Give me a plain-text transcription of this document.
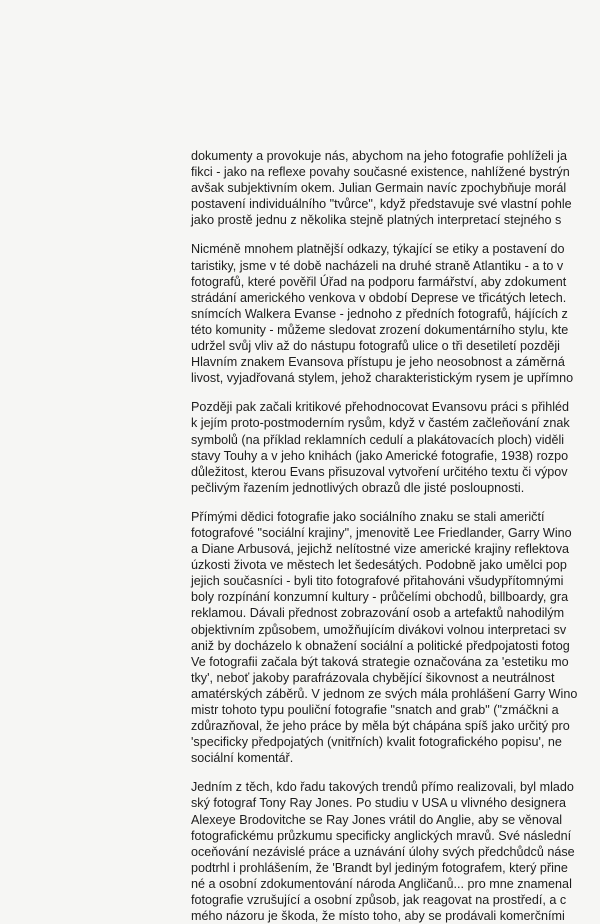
dokumenty a provokuje nás, abychom na jeho fotografie pohlíželi ja
fikci - jako na reflexe povahy současné existence, nahlížené bystrýn
avšak subjektivním okem. Julian Germain navíc zpochybňuje morál
postavení individuálního "tvůrce", když představuje své vlastní pohle
jako prostě jednu z několika stejně platných interpretací stejného s

Nicméně mnohem platnější odkazy, týkající se etiky a postavení do
taristiky, jsme v té době nacházeli na druhé straně Atlantiku - a to v
fotografů, které pověřil Úřad na podporu farmářství, aby zdokument
strádání amerického venkova v období Deprese ve třicátých letech.
snímcích Walkera Evanse - jednoho z předních fotografů, hájících z
této komunity - můžeme sledovat zrození dokumentárního stylu, kte
udržel svůj vliv až do nástupu fotografů ulice o tři desetiletí později
Hlavním znakem Evansova přístupu je jeho neosobnost a záměrná
livost, vyjadřovaná stylem, jehož charakteristickým rysem je upřímno

Později pak začali kritikové přehodnocovat Evansovu práci s přihléd
k jejím proto-postmoderním rysům, když v častém začleňování znak
symbolů (na příklad reklamních cedulí a plakátovacích ploch) viděli
stavy Touhy a v jeho knihách (jako Americké fotografie, 1938) rozpo
důležitost, kterou Evans přisuzoval vytvoření určitého textu či výpov
pečlivým řazením jednotlivých obrazů dle jisté posloupnosti.

Přímými dědici fotografie jako sociálního znaku se stali američtí
fotografové "sociální krajiny", jmenovitě Lee Friedlander, Garry Wino
a Diane Arbusová, jejichž nelítostné vize americké krajiny reflektova
úzkosti života ve městech let šedesátých. Podobně jako umělci pop
jejich současníci - byli tito fotografové přitahováni všudypřítomnými
boly rozpínání konzumní kultury - průčelími obchodů, billboardy, gra
reklamou. Dávali přednost zobrazování osob a artefaktů nahodilým
objektivním způsobem, umožňujícím divákovi volnou interpretaci sv
aniž by docházelo k obnažení sociální a politické předpojatosti fotog
Ve fotografii začala být taková strategie označována za 'estetiku mo
tky', neboť jakoby parafrázovala chybějící šikovnost a neutrálnost
amatérských záběrů. V jednom ze svých mála prohlášení Garry Wino
mistr tohoto typu pouliční fotografie "snatch and grab" ("zmáčkni a
zdůrazňoval, že jeho práce by měla být chápána spíš jako určitý pro
'specificky předpojatých (vnitřních) kvalit fotografického popisu', ne
sociální komentář.

Jedním z těch, kdo řadu takových trendů přímo realizovali, byl mlado
ský fotograf Tony Ray Jones. Po studiu v USA u vlivného designera
Alexeye Brodovitche se Ray Jones vrátil do Anglie, aby se věnoval
fotografickému průzkumu specificky anglických mravů. Své následní
oceňování nezávislé práce a uznávání úlohy svých předchůdců náse
podtrhl i prohlášením, že 'Brandt byl jediným fotografem, který přine
né a osobní zdokumentování národa Angličanů... pro mne znamenal
fotografie vzrušující a osobní způsob, jak reagovat na prostředí, a c
mého názoru je škoda, že místo toho, aby se prodávali komerčními
